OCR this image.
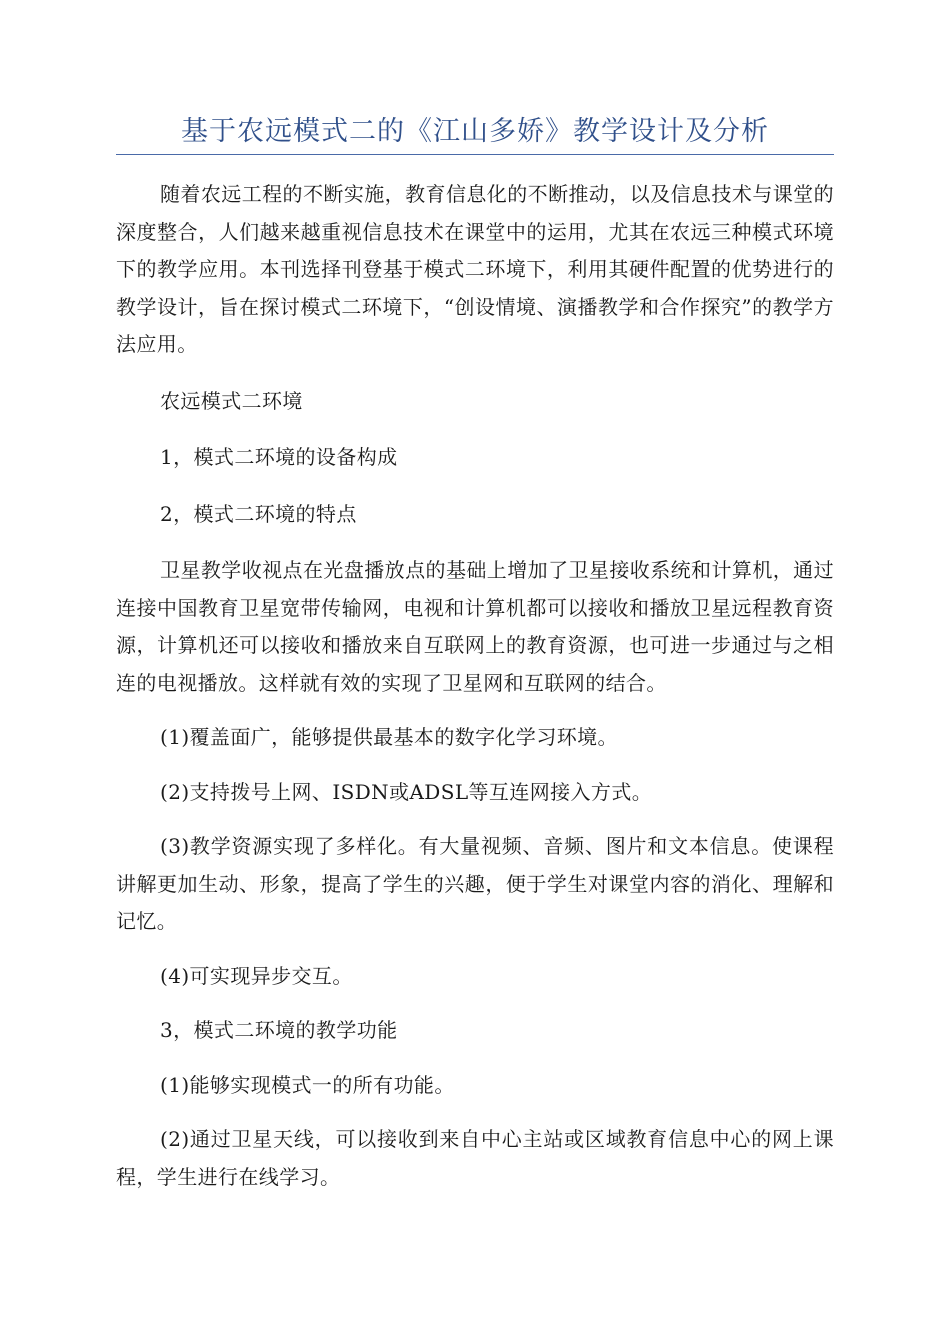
基于农远模式二的《江山多娇》教学设计及分析

随着农远工程的不断实施，教育信息化的不断推动，以及信息技术与课堂的深度整合，人们越来越重视信息技术在课堂中的运用，尤其在农远三种模式环境下的教学应用。本刊选择刊登基于模式二环境下，利用其硬件配置的优势进行的教学设计，旨在探讨模式二环境下，“创设情境、演播教学和合作探究”的教学方法应用。

农远模式二环境

1，模式二环境的设备构成

2，模式二环境的特点

卫星教学收视点在光盘播放点的基础上增加了卫星接收系统和计算机，通过连接中国教育卫星宽带传输网，电视和计算机都可以接收和播放卫星远程教育资源，计算机还可以接收和播放来自互联网上的教育资源，也可进一步通过与之相连的电视播放。这样就有效的实现了卫星网和互联网的结合。

(1)覆盖面广，能够提供最基本的数字化学习环境。

(2)支持拨号上网、ISDN或ADSL等互连网接入方式。

(3)教学资源实现了多样化。有大量视频、音频、图片和文本信息。使课程讲解更加生动、形象，提高了学生的兴趣，便于学生对课堂内容的消化、理解和记忆。

(4)可实现异步交互。

3，模式二环境的教学功能

(1)能够实现模式一的所有功能。

(2)通过卫星天线，可以接收到来自中心主站或区域教育信息中心的网上课程，学生进行在线学习。
